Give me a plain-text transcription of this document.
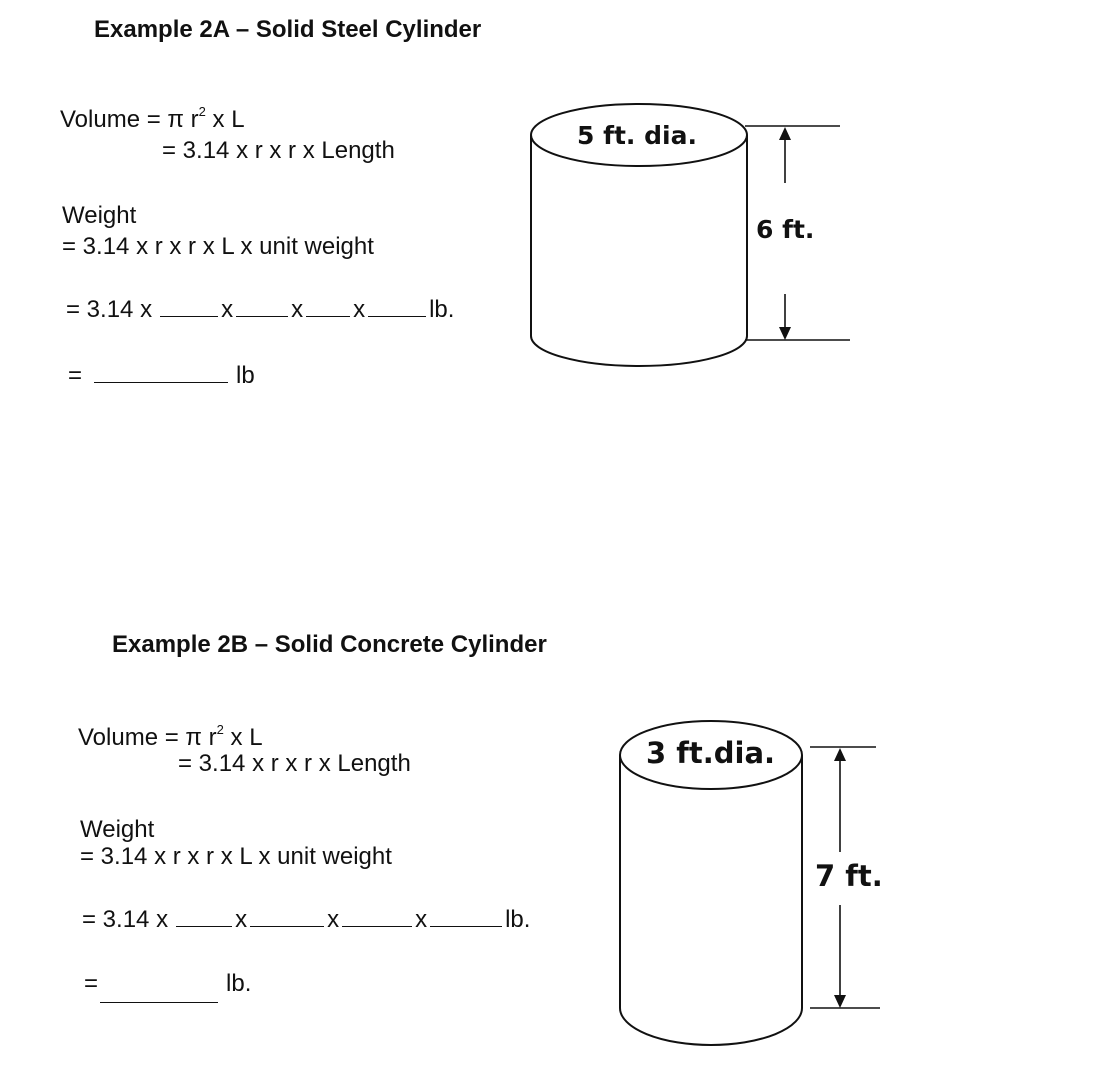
Example 2A – Solid Steel Cylinder
Volume = π $r^2$ x L
= 3.14 x r x r x Length
Weight
= 3.14 x r x r x L x unit weight
= 3.14 x	x x x	lb.
=	lb
Example 2B – Solid Concrete Cylinder
Volume = π $r^2$ x L
= 3.14 x r x r x Length
Weight
= 3.14 x r x r x L x unit weight
= 3.14 x	x	x	x	lb.
=	lb.
5 ft. dia.
6 ft.
3 ft.dia.
7 ft.
